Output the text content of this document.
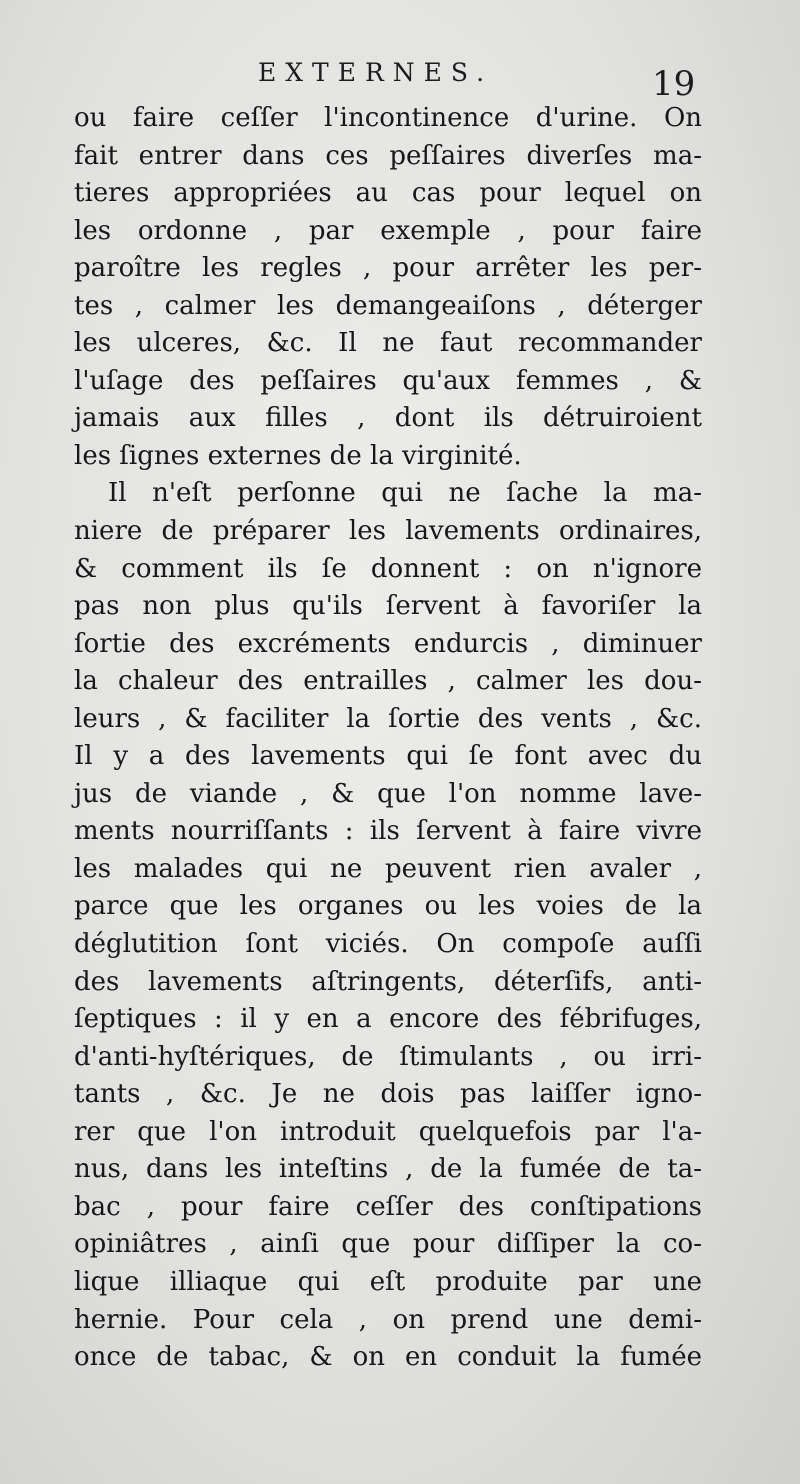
EXTERNES.	19
ou faire ceſſer l'incontinence d'urine. On
fait entrer dans ces peſſaires diverſes ma-
tieres appropriées au cas pour lequel on
les ordonne , par exemple , pour faire
paroître les regles , pour arrêter les per-
tes , calmer les demangeaiſons , déterger
les ulceres, &c. Il ne faut recommander
l'uſage des peſſaires qu'aux femmes , &
jamais aux filles , dont ils détruiroient
les ſignes externes de la virginité.
Il n'eſt perſonne qui ne ſache la ma-
niere de préparer les lavements ordinaires,
& comment ils ſe donnent : on n'ignore
pas non plus qu'ils ſervent à favoriſer la
ſortie des excréments endurcis , diminuer
la chaleur des entrailles , calmer les dou-
leurs , & faciliter la ſortie des vents , &c.
Il y a des lavements qui ſe font avec du
jus de viande , & que l'on nomme lave-
ments nourriſſants : ils ſervent à faire vivre
les malades qui ne peuvent rien avaler ,
parce que les organes ou les voies de la
déglutition ſont viciés. On compoſe auſſi
des lavements aſtringents, déterſifs, anti-
ſeptiques : il y en a encore des fébrifuges,
d'anti-hyſtériques, de ſtimulants , ou irri-
tants , &c. Je ne dois pas laiſſer igno-
rer que l'on introduit quelquefois par l'a-
nus, dans les inteſtins , de la fumée de ta-
bac , pour faire ceſſer des conſtipations
opiniâtres , ainſi que pour diſſiper la co-
lique illiaque qui eſt produite par une
hernie. Pour cela , on prend une demi-
once de tabac, & on en conduit la fumée
